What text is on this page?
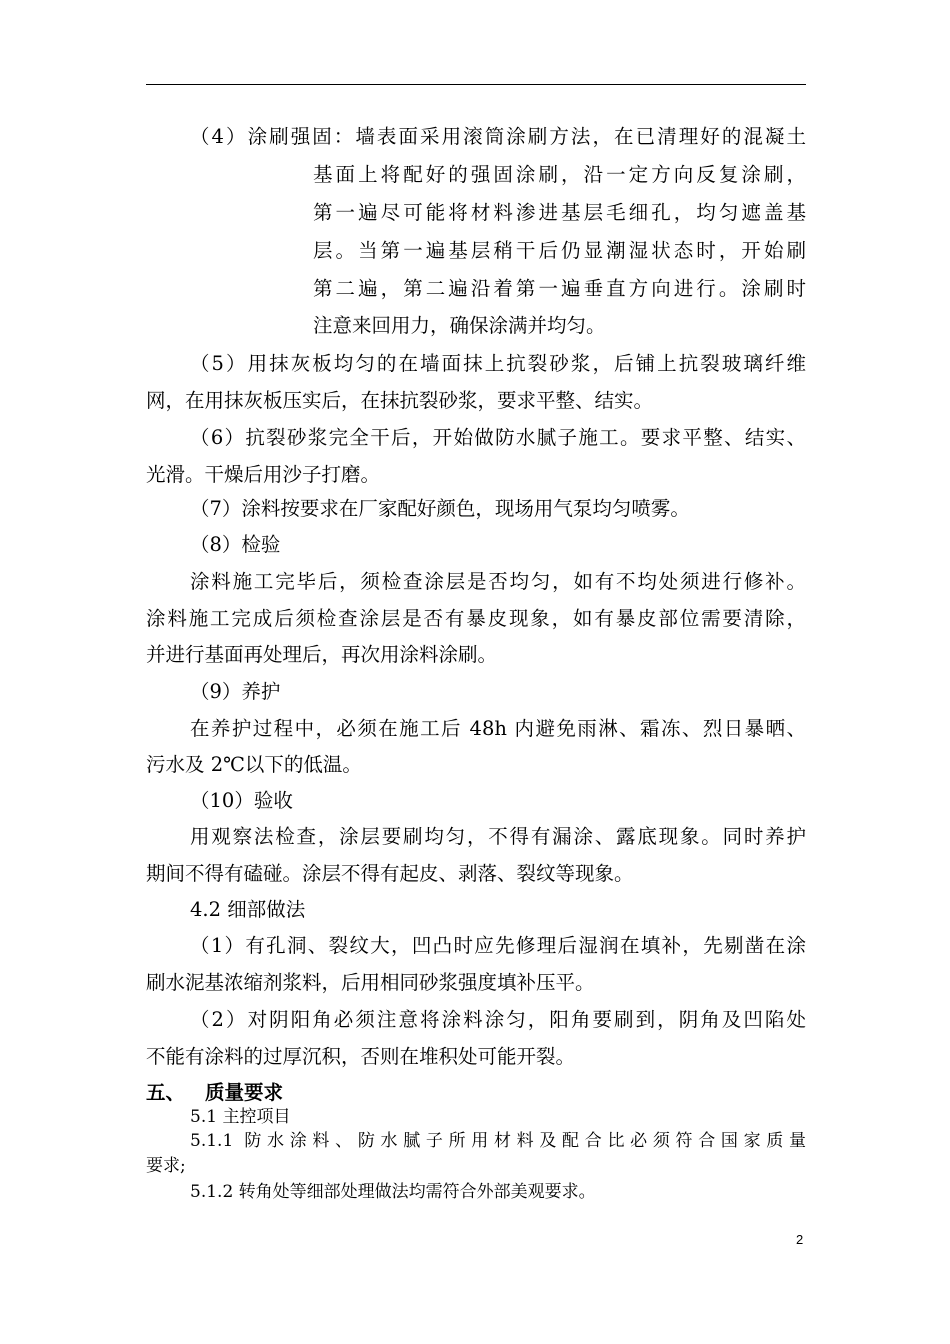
（4）涂刷强固：墙表面采用滚筒涂刷方法，在已清理好的混凝土
基面上将配好的强固涂刷，沿一定方向反复涂刷，
第一遍尽可能将材料渗进基层毛细孔，均匀遮盖基
层。当第一遍基层稍干后仍显潮湿状态时，开始刷
第二遍，第二遍沿着第一遍垂直方向进行。涂刷时
注意来回用力，确保涂满并均匀。
（5）用抹灰板均匀的在墙面抹上抗裂砂浆，后铺上抗裂玻璃纤维
网，在用抹灰板压实后，在抹抗裂砂浆，要求平整、结实。
（6）抗裂砂浆完全干后，开始做防水腻子施工。要求平整、结实、
光滑。干燥后用沙子打磨。
（7）涂料按要求在厂家配好颜色，现场用气泵均匀喷雾。
（8）检验
涂料施工完毕后，须检查涂层是否均匀，如有不均处须进行修补。
涂料施工完成后须检查涂层是否有暴皮现象，如有暴皮部位需要清除，
并进行基面再处理后，再次用涂料涂刷。
（9）养护
在养护过程中，必须在施工后 48h 内避免雨淋、霜冻、烈日暴晒、
污水及 2℃以下的低温。
（10）验收
用观察法检查，涂层要刷均匀，不得有漏涂、露底现象。同时养护
期间不得有磕碰。涂层不得有起皮、剥落、裂纹等现象。
4.2 细部做法
（1）有孔洞、裂纹大，凹凸时应先修理后湿润在填补，先剔凿在涂
刷水泥基浓缩剂浆料，后用相同砂浆强度填补压平。
（2）对阴阳角必须注意将涂料涂匀，阳角要刷到，阴角及凹陷处
不能有涂料的过厚沉积，否则在堆积处可能开裂。
五、 质量要求
5.1 主控项目
5.1.1 防水涂料、防水腻子所用材料及配合比必须符合国家质量
要求;
5.1.2 转角处等细部处理做法均需符合外部美观要求。
2
